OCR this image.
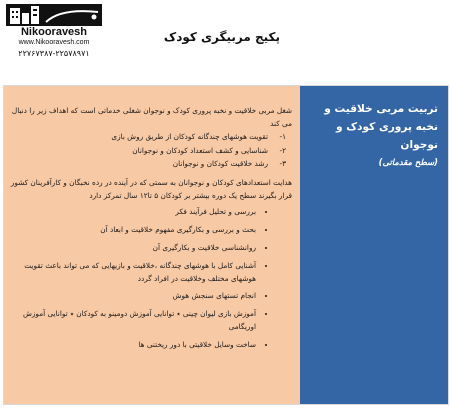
Nikooravesh
www.Nikooravesh.com
۲۲۷۶۷۳۸۷-۲۲۵۷۸۹۷۱
پکیج مربیگری کودک

شغل مربی خلاقیت و نخبه پروری کودک و نوجوان شغلی خدماتی است که اهداف زیر را دنبال می کند

۱-
تقویت هوشهای چندگانه کودکان از طریق روش بازی
۲-
شناسایی و کشف استعداد کودکان و نوجوانان
۳-
رشد خلاقیت کودکان و نوجوانان

هدایت استعدادهای کودکان و نوجوانان به سمتی که در آینده در رده نخبگان و کارآفرینان کشور قرار بگیرند سطح یک دوره بیشتر بر کودکان ۵ تا۱۲ سال تمرکز دارد

• بررسی و تحلیل فرآیند فکر
• بحث و بررسی و بکارگیری مفهوم خلاقیت و ابعاد آن
• روانشناسی خلاقیت و بکارگیری آن
• آشنایی کامل با هوشهای چندگانه ،خلاقیت و بازیهایی که می تواند باعث تقویت هوشهای مختلف وخلاقیت در افراد گردد
• انجام تستهای سنجش هوش
• آموزش بازی لیوان چینی ٭ توانایی آموزش دومینو به کودکان ٭ توانایی آموزش اوریگامی
• ساخت وسایل خلاقیتی با دور ریختنی ها
تربیت مربی خلاقیت و نخبه پروری کودک و نوجوان
(سطح مقدماتی)
